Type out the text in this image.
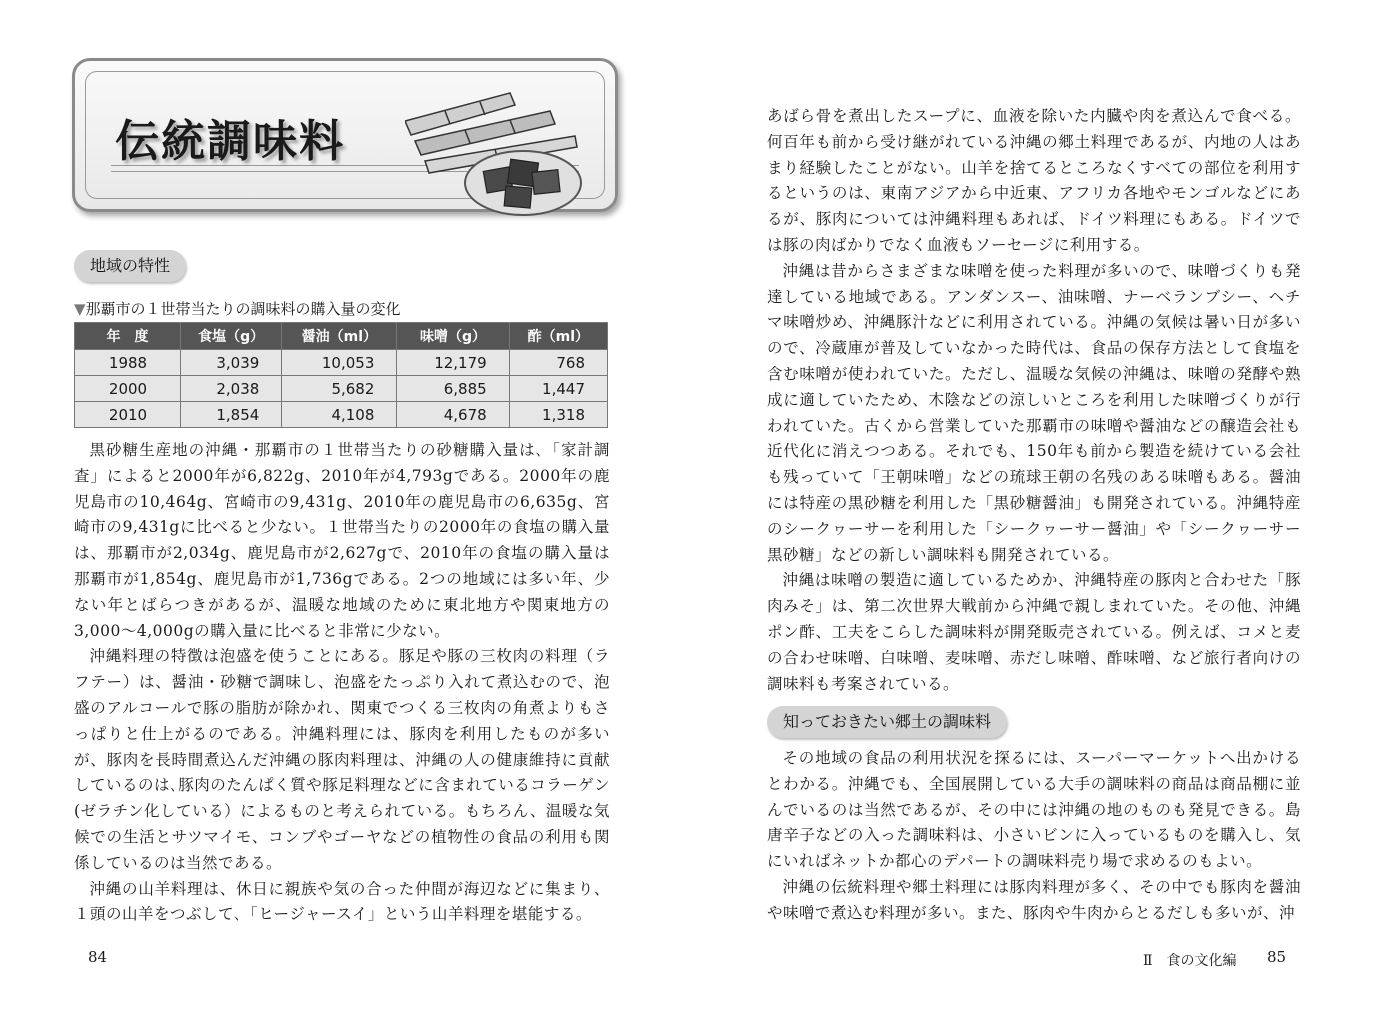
伝統調味料
地域の特性
▼那覇市の１世帯当たりの調味料の購入量の変化
年　度	食塩（g）	醤油（ml）	味噌（g）	酢（ml）
1988	3,039	10,053	12,179	768
2000	2,038	5,682	6,885	1,447
2010	1,854	4,108	4,678	1,318

黒砂糖生産地の沖縄・那覇市の１世帯当たりの砂糖購入量は､「家計調査」によると2000年が6,822g、2010年が4,793gである。2000年の鹿児島市の10,464g、宮崎市の9,431g、2010年の鹿児島市の6,635g、宮崎市の9,431gに比べると少ない。１世帯当たりの2000年の食塩の購入量は、那覇市が2,034g、鹿児島市が2,627gで、2010年の食塩の購入量は那覇市が1,854g、鹿児島市が1,736gである。2つの地域には多い年、少ない年とばらつきがあるが、温暖な地域のために東北地方や関東地方の3,000～4,000gの購入量に比べると非常に少ない。

沖縄料理の特徴は泡盛を使うことにある。豚足や豚の三枚肉の料理（ラフテー）は、醤油・砂糖で調味し、泡盛をたっぷり入れて煮込むので、泡盛のアルコールで豚の脂肪が除かれ、関東でつくる三枚肉の角煮よりもさっぱりと仕上がるのである。沖縄料理には、豚肉を利用したものが多いが、豚肉を長時間煮込んだ沖縄の豚肉料理は、沖縄の人の健康維持に貢献しているのは､豚肉のたんぱく質や豚足料理などに含まれているコラーゲン(ゼラチン化している）によるものと考えられている。もちろん、温暖な気候での生活とサツマイモ、コンブやゴーヤなどの植物性の食品の利用も関係しているのは当然である。

沖縄の山羊料理は、休日に親族や気の合った仲間が海辺などに集まり、１頭の山羊をつぶして､「ヒージャースイ」という山羊料理を堪能する。

84

あばら骨を煮出したスープに、血液を除いた内臓や肉を煮込んで食べる。何百年も前から受け継がれている沖縄の郷土料理であるが、内地の人はあまり経験したことがない。山羊を捨てるところなくすべての部位を利用するというのは、東南アジアから中近東、アフリカ各地やモンゴルなどにあるが、豚肉については沖縄料理もあれば、ドイツ料理にもある。ドイツでは豚の肉ばかりでなく血液もソーセージに利用する。

沖縄は昔からさまざまな味噌を使った料理が多いので、味噌づくりも発達している地域である。アンダンスー、油味噌、ナーベランブシー、ヘチマ味噌炒め、沖縄豚汁などに利用されている。沖縄の気候は暑い日が多いので、冷蔵庫が普及していなかった時代は、食品の保存方法として食塩を含む味噌が使われていた。ただし、温暖な気候の沖縄は、味噌の発酵や熟成に適していたため、木陰などの涼しいところを利用した味噌づくりが行われていた。古くから営業していた那覇市の味噌や醤油などの醸造会社も近代化に消えつつある。それでも、150年も前から製造を続けている会社も残っていて「王朝味噌」などの琉球王朝の名残のある味噌もある。醤油には特産の黒砂糖を利用した「黒砂糖醤油」も開発されている。沖縄特産のシークヮーサーを利用した「シークヮーサー醤油」や「シークヮーサー黒砂糖」などの新しい調味料も開発されている。

沖縄は味噌の製造に適しているためか、沖縄特産の豚肉と合わせた「豚肉みそ」は、第二次世界大戦前から沖縄で親しまれていた。その他、沖縄ポン酢、工夫をこらした調味料が開発販売されている。例えば、コメと麦の合わせ味噌、白味噌、麦味噌、赤だし味噌、酢味噌、など旅行者向けの調味料も考案されている。

知っておきたい郷土の調味料

その地域の食品の利用状況を探るには、スーパーマーケットへ出かけるとわかる。沖縄でも、全国展開している大手の調味料の商品は商品棚に並んでいるのは当然であるが、その中には沖縄の地のものも発見できる。島唐辛子などの入った調味料は、小さいビンに入っているものを購入し、気にいればネットか都心のデパートの調味料売り場で求めるのもよい。

沖縄の伝統料理や郷土料理には豚肉料理が多く、その中でも豚肉を醤油や味噌で煮込む料理が多い。また、豚肉や牛肉からとるだしも多いが、沖

Ⅱ　食の文化編 85
